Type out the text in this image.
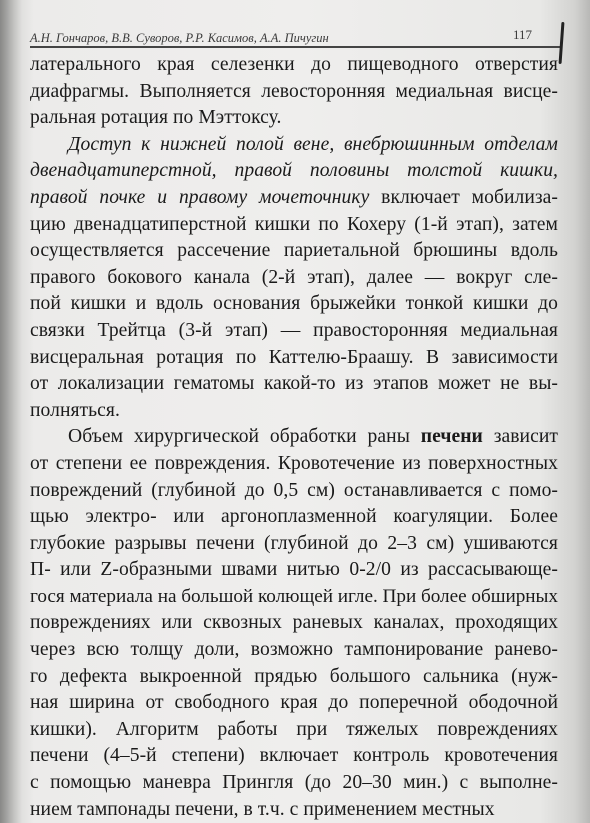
А.Н. Гончаров, В.В. Суворов, Р.Р. Касимов, А.А. Пичугин	117
латерального края селезенки до пищеводного отверстия
диафрагмы. Выполняется левосторонняя медиальная висце-
ральная ротация по Мэттоксу.
Доступ к нижней полой вене, внебрюшинным отделам
двенадцатиперстной, правой половины толстой кишки,
правой почке и правому мочеточнику включает мобилиза-
цию двенадцатиперстной кишки по Кохеру (1-й этап), затем
осуществляется рассечение париетальной брюшины вдоль
правого бокового канала (2-й этап), далее — вокруг сле-
пой кишки и вдоль основания брыжейки тонкой кишки до
связки Трейтца (3-й этап) — правосторонняя медиальная
висцеральная ротация по Каттелю-Браашу. В зависимости
от локализации гематомы какой-то из этапов может не вы-
полняться.
Объем хирургической обработки раны печени зависит
от степени ее повреждения. Кровотечение из поверхностных
повреждений (глубиной до 0,5 см) останавливается с помо-
щью электро- или аргоноплазменной коагуляции. Более
глубокие разрывы печени (глубиной до 2–3 см) ушиваются
П- или Z-образными швами нитью 0-2/0 из рассасывающе-
гося материала на большой колющей игле. При более обширных
повреждениях или сквозных раневых каналах, проходящих
через всю толщу доли, возможно тампонирование ранево-
го дефекта выкроенной прядью большого сальника (нуж-
ная ширина от свободного края до поперечной ободочной
кишки). Алгоритм работы при тяжелых повреждениях
печени (4–5-й степени) включает контроль кровотечения
с помощью маневра Прингля (до 20–30 мин.) с выполне-
нием тампонады печени, в т.ч. с применением местных
